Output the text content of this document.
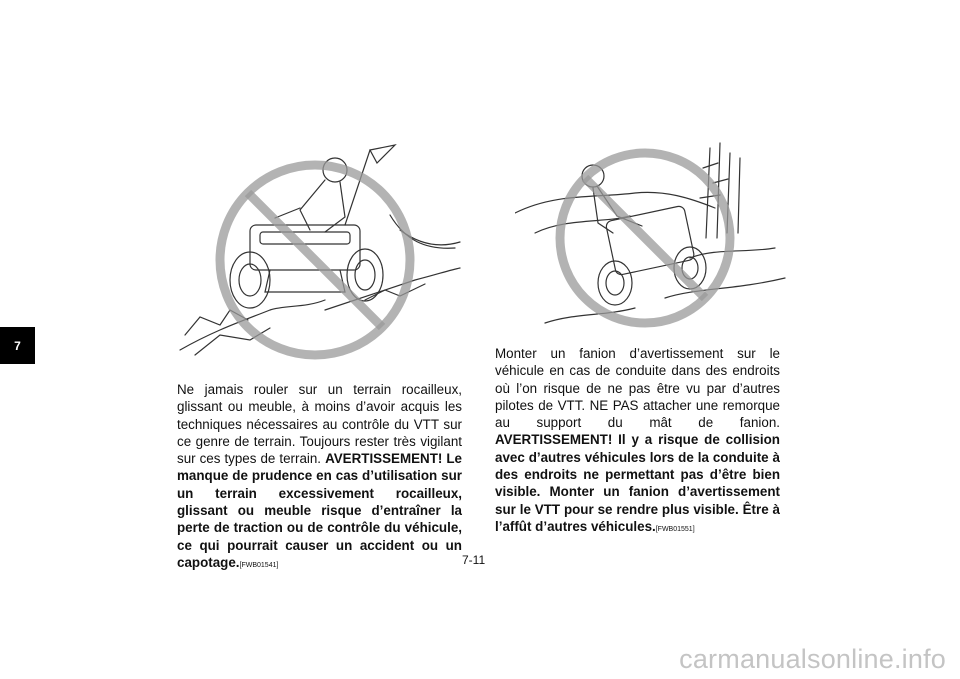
7
Ne jamais rouler sur un terrain rocailleux, glissant ou meuble, à moins d’avoir acquis les techniques nécessaires au contrôle du VTT sur ce genre de terrain. Toujours rester très vigilant sur ces types de terrain. AVERTISSEMENT! Le manque de prudence en cas d’utilisation sur un terrain excessivement rocailleux, glissant ou meuble risque d’entraîner la perte de traction ou de contrôle du véhicule, ce qui pourrait causer un accident ou un capotage.[FWB01541]
Monter un fanion d’avertissement sur le véhicule en cas de conduite dans des endroits où l’on risque de ne pas être vu par d’autres pilotes de VTT. NE PAS attacher une remorque au support du mât de fanion. AVERTISSEMENT! Il y a risque de collision avec d’autres véhicules lors de la conduite à des endroits ne permettant pas d’être bien visible. Monter un fanion d’avertissement sur le VTT pour se rendre plus visible. Être à l’affût d’autres véhicules.[FWB01551]
7-11
carmanualsonline.info
